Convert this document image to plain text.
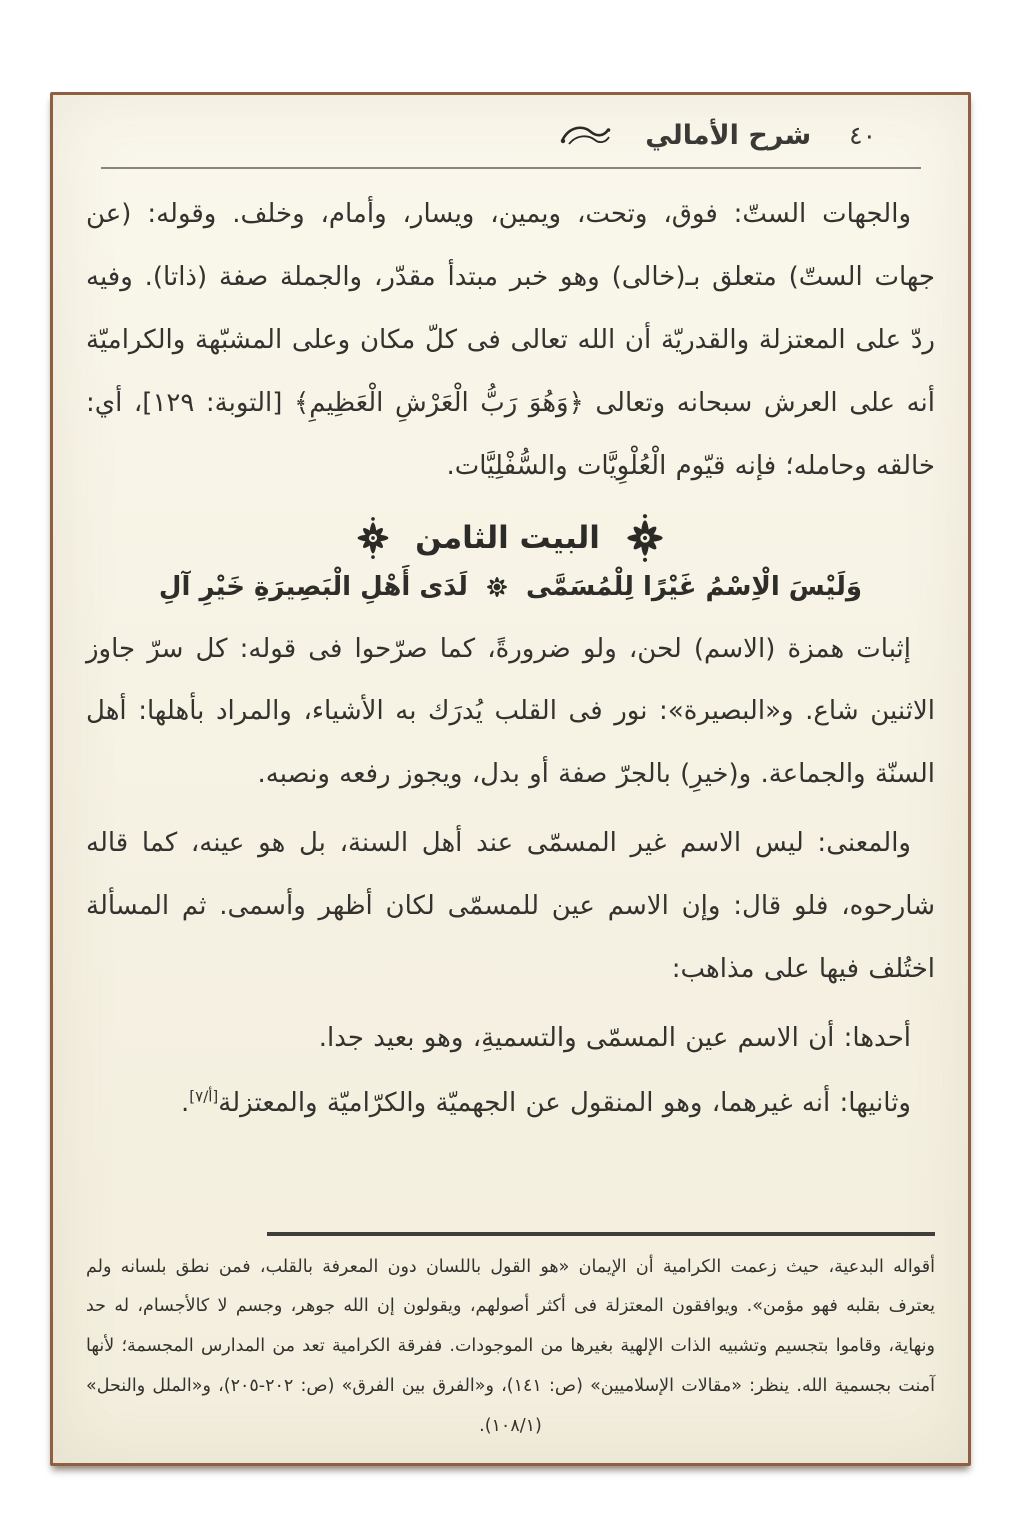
٤٠
شرح الأمالي

والجهات الستّ: فوق، وتحت، ويمين، ويسار، وأمام، وخلف. وقوله: (عن جهات الستّ) متعلق بـ(خالى) وهو خبر مبتدأ مقدّر، والجملة صفة (ذاتا). وفيه ردّ على المعتزلة والقدريّة أن الله تعالى فى كلّ مكان وعلى المشبّهة والكراميّة أنه على العرش سبحانه وتعالى ﴿وَهُوَ رَبُّ الْعَرْشِ الْعَظِيمِ﴾ [التوبة: ١٢٩]، أي: خالقه وحامله؛ فإنه قيّوم الْعُلْوِيَّات والسُّفْلِيَّات.

البيت الثامن
وَلَيْسَ الْاِسْمُ غَيْرًا لِلْمُسَمَّى
لَدَى أَهْلِ الْبَصِيرَةِ خَيْرِ آلِ

إثبات همزة (الاسم) لحن، ولو ضرورةً، كما صرّحوا فى قوله: كل سرّ جاوز الاثنين شاع. و«البصيرة»: نور فى القلب يُدرَك به الأشياء، والمراد بأهلها: أهل السنّة والجماعة. و(خيرِ) بالجرّ صفة أو بدل، ويجوز رفعه ونصبه.

والمعنى: ليس الاسم غير المسمّى عند أهل السنة، بل هو عينه، كما قاله شارحوه، فلو قال: وإن الاسم عين للمسمّى لكان أظهر وأسمى. ثم المسألة اختُلف فيها على مذاهب:

أحدها: أن الاسم عين المسمّى والتسميةِ، وهو بعيد جدا.

وثانيها: أنه غيرهما، وهو المنقول عن الجهميّة والكرّاميّة والمعتزلة[أ/٧].

أقواله البدعية، حيث زعمت الكرامية أن الإيمان «هو القول باللسان دون المعرفة بالقلب، فمن نطق بلسانه ولم يعترف بقلبه فهو مؤمن». ويوافقون المعتزلة فى أكثر أصولهم، ويقولون إن الله جوهر، وجسم لا كالأجسام، له حد ونهاية، وقاموا بتجسيم وتشبيه الذات الإلهية بغيرها من الموجودات. ففرقة الكرامية تعد من المدارس المجسمة؛ لأنها آمنت بجسمية الله. ينظر: «مقالات الإسلاميين» (ص: ١٤١)، و«الفرق بين الفرق» (ص: ٢٠٢-٢٠٥)، و«الملل والنحل» (١٠٨/١).
